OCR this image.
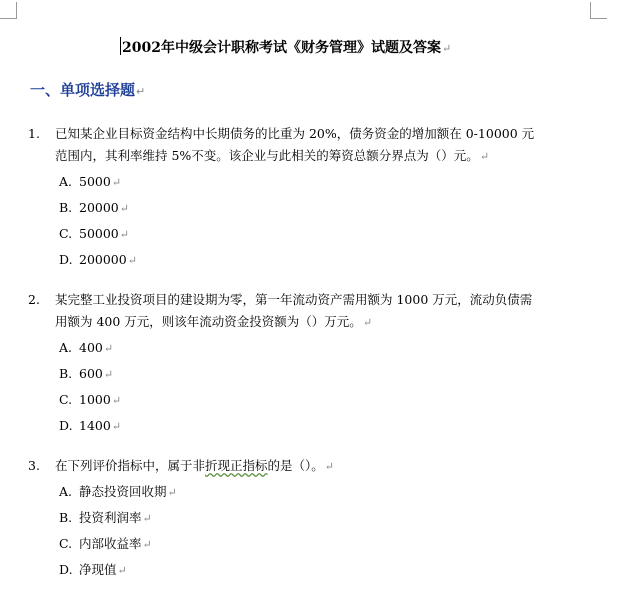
2002年中级会计职称考试《财务管理》试题及答案↵
一、单项选择题↵
1.	已知某企业目标资金结构中长期债务的比重为 20%，债务资金的增加额在 0-10000 元
范围内，其利率维持 5%不变。该企业与此相关的筹资总额分界点为（）元。↵
A. 5000↵
B. 20000↵
C. 50000↵
D. 200000↵
2.	某完整工业投资项目的建设期为零，第一年流动资产需用额为 1000 万元，流动负债需
用额为 400 万元，则该年流动资金投资额为（）万元。↵
A. 400↵
B. 600↵
C. 1000↵
D. 1400↵
3.	在下列评价指标中，属于非折现正指标的是（）。↵
A. 静态投资回收期↵
B. 投资利润率↵
C. 内部收益率↵
D. 净现值↵
